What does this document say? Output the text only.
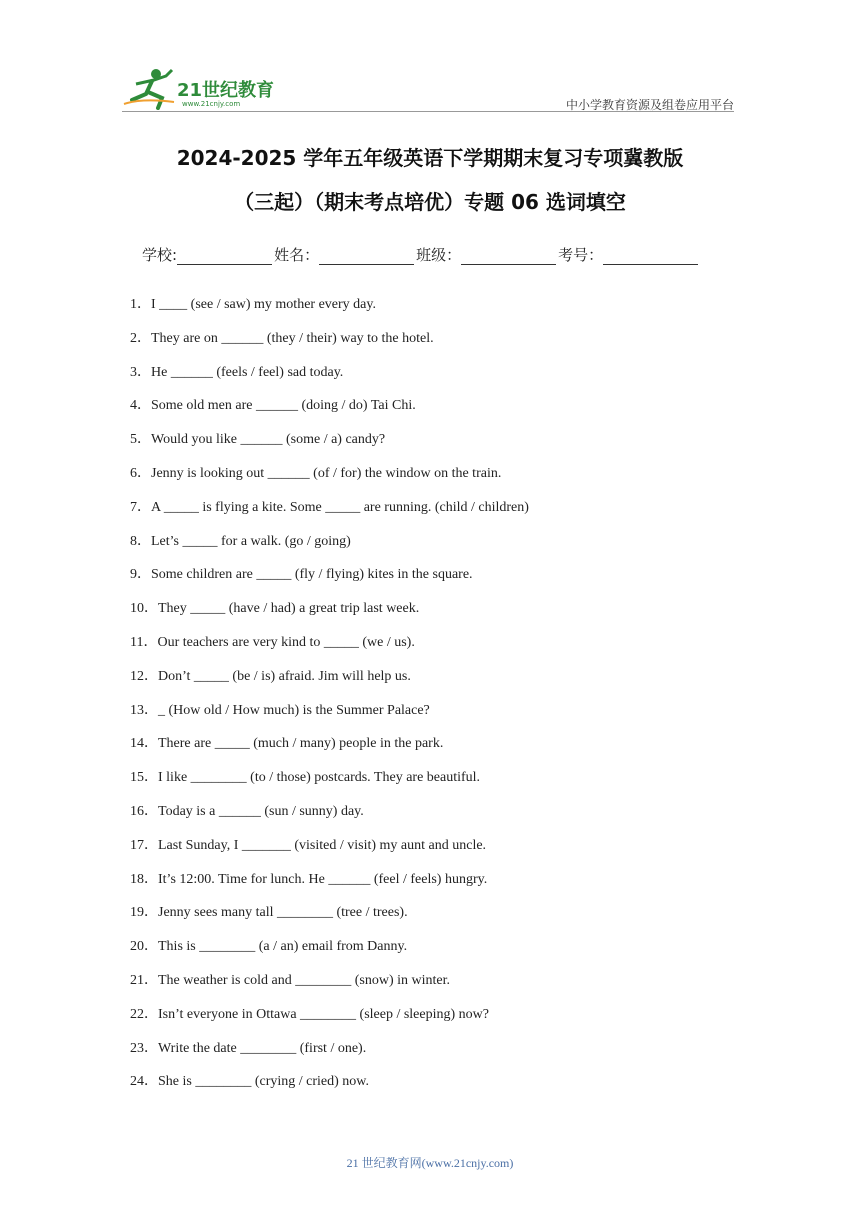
21世纪教育
www.21cnjy.com	中小学教育资源及组卷应用平台
2024-2025 学年五年级英语下学期期末复习专项冀教版
（三起）（期末考点培优）专题 06 选词填空
学校:	姓名：	班级：	考号：
1．I ____ (see / saw) my mother every day.
2．They are on ______ (they / their) way to the hotel.
3．He ______ (feels / feel) sad today.
4．Some old men are ______ (doing / do) Tai Chi.
5．Would you like ______ (some / a) candy?
6．Jenny is looking out ______ (of / for) the window on the train.
7．A _____ is flying a kite. Some _____ are running. (child / children)
8．Let’s _____ for a walk. (go / going)
9．Some children are _____ (fly / flying) kites in the square.
10．They _____ (have / had) a great trip last week.
11．Our teachers are very kind to _____ (we / us).
12．Don’t _____ (be / is) afraid. Jim will help us.
13．_ (How old / How much) is the Summer Palace?
14．There are _____ (much / many) people in the park.
15．I like ________ (to / those) postcards. They are beautiful.
16．Today is a ______ (sun / sunny) day.
17．Last Sunday, I _______ (visited / visit) my aunt and uncle.
18．It’s 12:00. Time for lunch. He ______ (feel / feels) hungry.
19．Jenny sees many tall ________ (tree / trees).
20．This is ________ (a / an) email from Danny.
21．The weather is cold and ________ (snow) in winter.
22．Isn’t everyone in Ottawa ________ (sleep / sleeping) now?
23．Write the date ________ (first / one).
24．She is ________ (crying / cried) now.
21 世纪教育网(www.21cnjy.com)
